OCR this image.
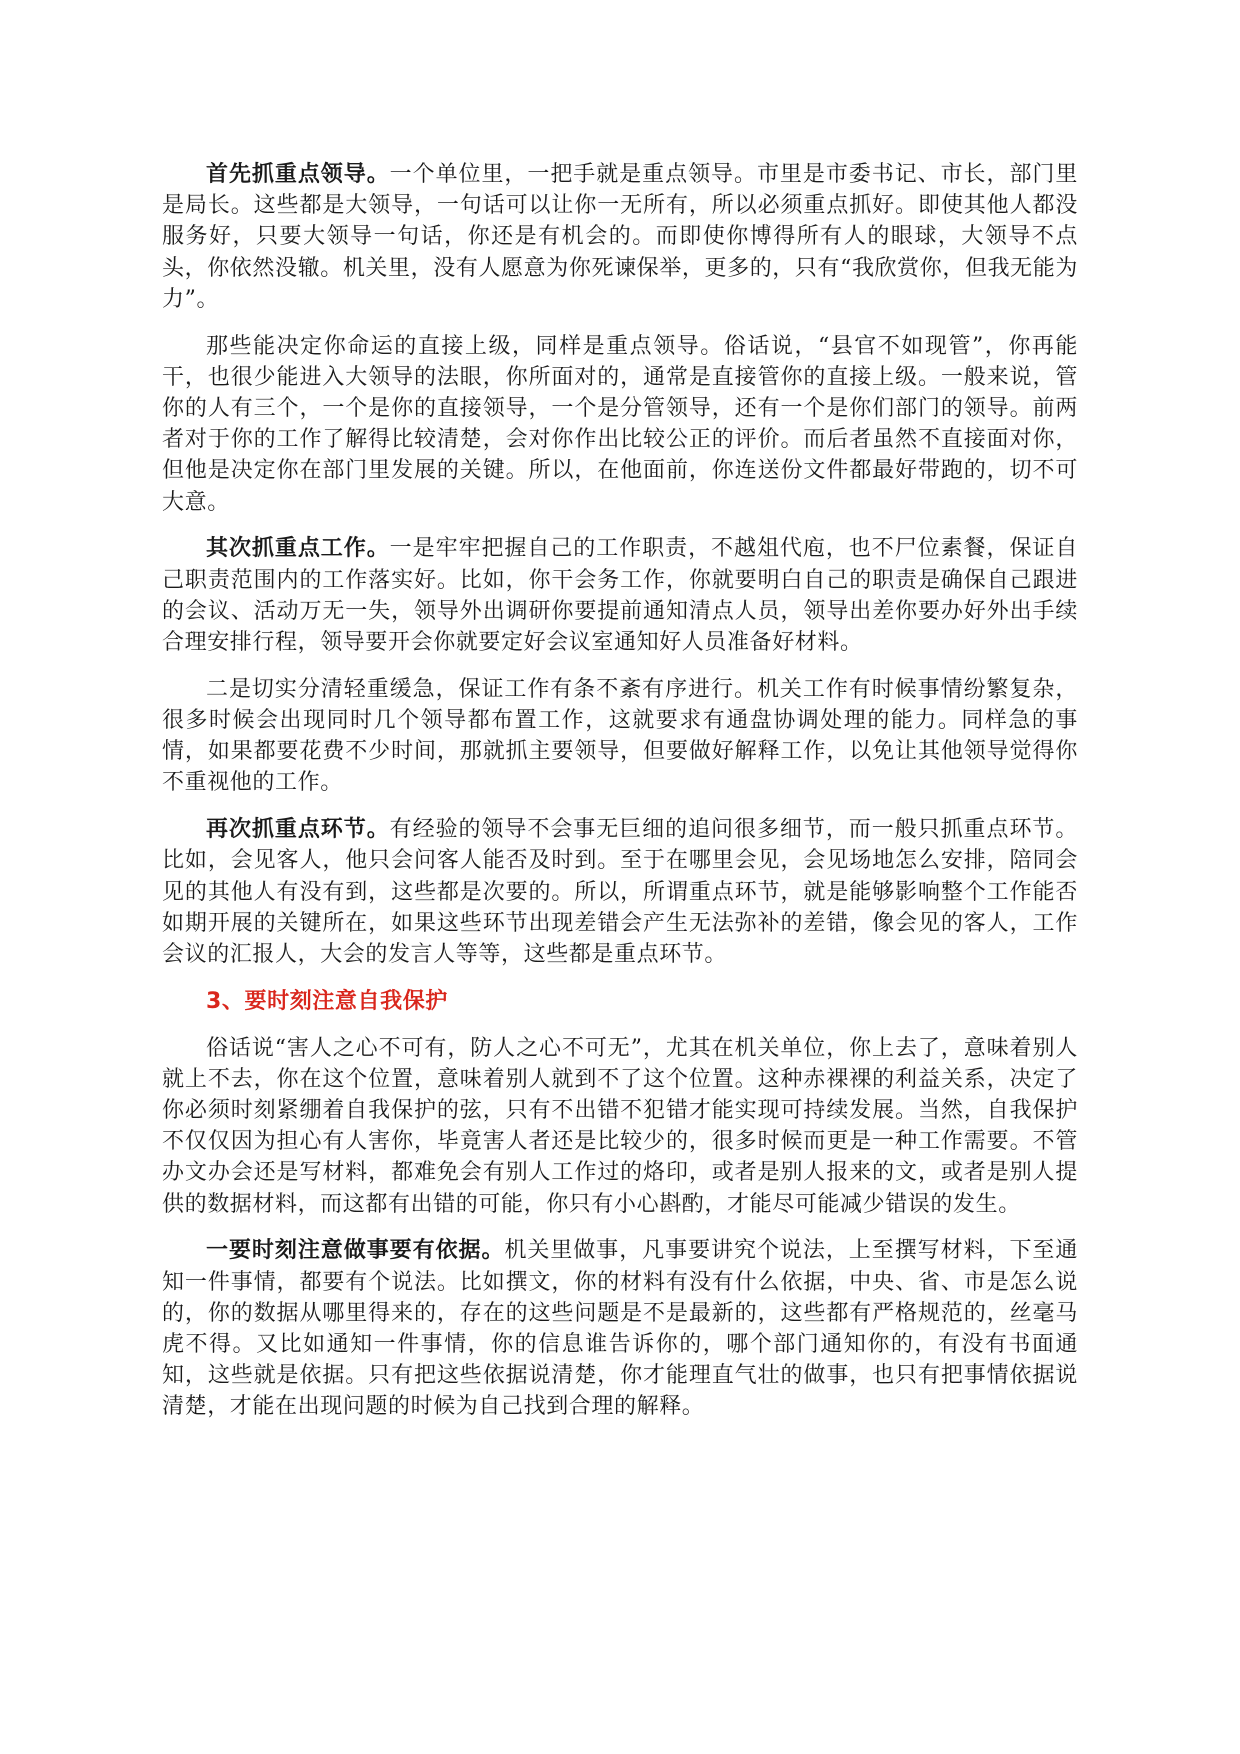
首先抓重点领导。一个单位里，一把手就是重点领导。市里是市委书记、市长，部门里是局长。这些都是大领导，一句话可以让你一无所有，所以必须重点抓好。即使其他人都没服务好，只要大领导一句话，你还是有机会的。而即使你博得所有人的眼球，大领导不点头，你依然没辙。机关里，没有人愿意为你死谏保举，更多的，只有“我欣赏你，但我无能为力”。

那些能决定你命运的直接上级，同样是重点领导。俗话说，“县官不如现管”，你再能干，也很少能进入大领导的法眼，你所面对的，通常是直接管你的直接上级。一般来说，管你的人有三个，一个是你的直接领导，一个是分管领导，还有一个是你们部门的领导。前两者对于你的工作了解得比较清楚，会对你作出比较公正的评价。而后者虽然不直接面对你，但他是决定你在部门里发展的关键。所以，在他面前，你连送份文件都最好带跑的，切不可大意。

其次抓重点工作。一是牢牢把握自己的工作职责，不越俎代庖，也不尸位素餐，保证自己职责范围内的工作落实好。比如，你干会务工作，你就要明白自己的职责是确保自己跟进的会议、活动万无一失，领导外出调研你要提前通知清点人员，领导出差你要办好外出手续合理安排行程，领导要开会你就要定好会议室通知好人员准备好材料。

二是切实分清轻重缓急，保证工作有条不紊有序进行。机关工作有时候事情纷繁复杂，很多时候会出现同时几个领导都布置工作，这就要求有通盘协调处理的能力。同样急的事情，如果都要花费不少时间，那就抓主要领导，但要做好解释工作，以免让其他领导觉得你不重视他的工作。

再次抓重点环节。有经验的领导不会事无巨细的追问很多细节，而一般只抓重点环节。比如，会见客人，他只会问客人能否及时到。至于在哪里会见，会见场地怎么安排，陪同会见的其他人有没有到，这些都是次要的。所以，所谓重点环节，就是能够影响整个工作能否如期开展的关键所在，如果这些环节出现差错会产生无法弥补的差错，像会见的客人，工作会议的汇报人，大会的发言人等等，这些都是重点环节。

3、要时刻注意自我保护

俗话说“害人之心不可有，防人之心不可无”，尤其在机关单位，你上去了，意味着别人就上不去，你在这个位置，意味着别人就到不了这个位置。这种赤裸裸的利益关系，决定了你必须时刻紧绷着自我保护的弦，只有不出错不犯错才能实现可持续发展。当然，自我保护不仅仅因为担心有人害你，毕竟害人者还是比较少的，很多时候而更是一种工作需要。不管办文办会还是写材料，都难免会有别人工作过的烙印，或者是别人报来的文，或者是别人提供的数据材料，而这都有出错的可能，你只有小心斟酌，才能尽可能减少错误的发生。

一要时刻注意做事要有依据。机关里做事，凡事要讲究个说法，上至撰写材料，下至通知一件事情，都要有个说法。比如撰文，你的材料有没有什么依据，中央、省、市是怎么说的，你的数据从哪里得来的，存在的这些问题是不是最新的，这些都有严格规范的，丝毫马虎不得。又比如通知一件事情，你的信息谁告诉你的，哪个部门通知你的，有没有书面通知，这些就是依据。只有把这些依据说清楚，你才能理直气壮的做事，也只有把事情依据说清楚，才能在出现问题的时候为自己找到合理的解释。
